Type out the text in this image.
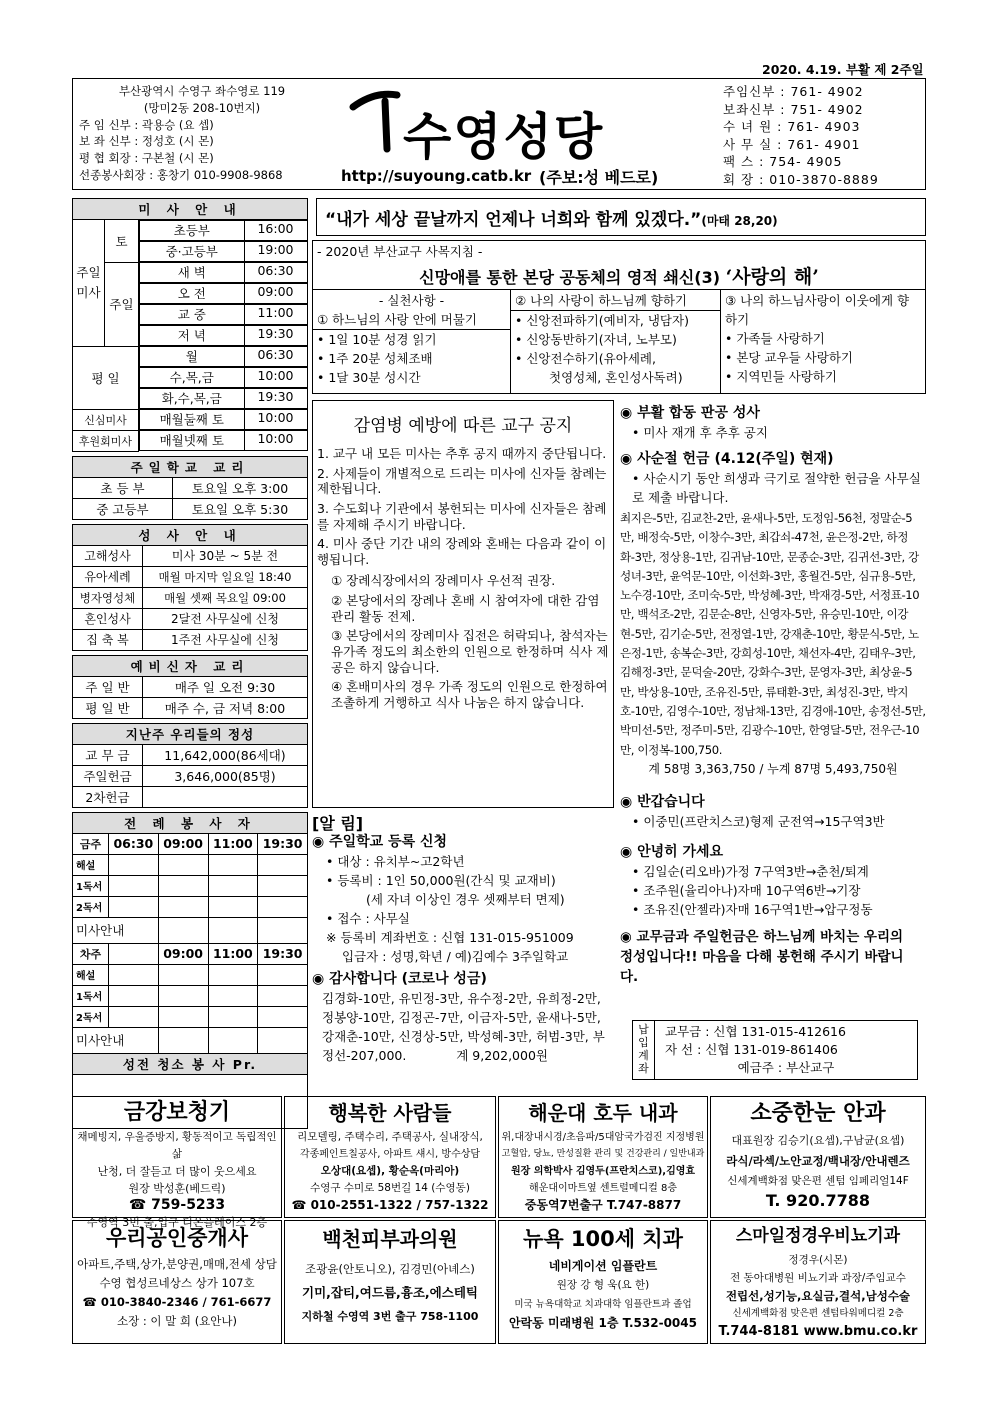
2020. 4.19. 부활 제 2주일
부산광역시 수영구 좌수영로 119
(망미2동 208-10번지)
주 임 신부 : 곽용승 (요 셉)
보 좌 신부 : 정성호 (시 몬)
평 협 회장 : 구본철 (시 몬)
선종봉사회장 : 홍창기 010-9908-9868
수영성당
http://suyoung.catb.kr (주보:성 베드로)
주임신부 : 761- 4902
보좌신부 : 751- 4902
수 녀 원 : 761- 4903
사 무 실 : 761- 4901
팩 스 : 754- 4905
회 장 : 010-3870-8889
미 사 안 내	
주일미사	토	
초등부	16:00

중·고등부	19:00

	주일	
새 벽	06:30

오 전	09:00

교 중	11:00

저 녁	19:30

평 일	
월	06:30

수,목,금	10:00

화,수,목,금	19:30

신심미사		매월둘째 토	10:00

후원회미사		매월넷째 토	10:00
주일학교 교리	
초 등 부	토요일 오후 3:00
중 고등부	토요일 오후 5:30
성 사 안 내	
고해성사	미사 30분 ~ 5분 전
유아세례	매월 마지막 일요일 18:40
병자영성체	매월 셋째 목요일 09:00
혼인성사	2달전 사무실에 신청
집 축 복	1주전 사무실에 신청
예비신자 교리	
주 일 반	매주 일 오전 9:30
평 일 반	매주 수, 금 저녁 8:00
지난주 우리들의 정성	
교 무 금	11,642,000(86세대)
주일헌금	3,646,000(85명)
2차헌금	
전 례 봉 사 자				
금주	06:30	09:00	11:00	19:30
해설				
1독서				
2독서				
미사안내				
차주		09:00	11:00	19:30
해설				
1독서				
2독서				
미사안내				
성전 청소 봉 사 Pr.				

“내가 세상 끝날까지 언제나 너희와 함께 있겠다.”(마태 28,20)
- 2020년 부산교구 사목지침 -
신망애를 통한 본당 공동체의 영적 쇄신(3) ‘사랑의 해’
- 실천사항 -
① 하느님의 사랑 안에 머물기
• 1일 10분 성경 읽기
• 1주 20분 성체조배
• 1달 30분 성시간
② 나의 사랑이 하느님께 향하기
• 신앙전파하기(예비자, 냉담자)
• 신앙동반하기(자녀, 노부모)
• 신앙전수하기(유아세례,
첫영성체, 혼인성사독려)
③ 나의 하느님사랑이 이웃에게 향하기
• 가족들 사랑하기
• 본당 교우들 사랑하기
• 지역민들 사랑하기
감염병 예방에 따른 교구 공지

1. 교구 내 모든 미사는 추후 공지 때까지 중단됩니다.

2. 사제들이 개별적으로 드리는 미사에 신자들 참례는 제한됩니다.

3. 수도회나 기관에서 봉헌되는 미사에 신자들은 참례를 자제해 주시기 바랍니다.

4. 미사 중단 기간 내의 장례와 혼배는 다음과 같이 이행됩니다.

① 장례식장에서의 장례미사 우선적 권장.

② 본당에서의 장례나 혼배 시 참여자에 대한 감염관리 활동 전제.

③ 본당에서의 장례미사 집전은 허락되나, 참석자는 유가족 정도의 최소한의 인원으로 한정하며 식사 제공은 하지 않습니다.

④ 혼배미사의 경우 가족 정도의 인원으로 한정하여 조촐하게 거행하고 식사 나눔은 하지 않습니다.

[알 림]
◉ 주일학교 등록 신청
• 대상 : 유치부~고2학년
• 등록비 : 1인 50,000원(간식 및 교재비)
(세 자녀 이상인 경우 셋째부터 면제)
• 접수 : 사무실
※ 등록비 계좌번호 : 신협 131-015-951009
입금자 : 성명,학년 / 예)김예수 3주일학교
◉ 감사합니다 (코로나 성금)
김경화-10만, 유민정-3만, 유수정-2만, 유희정-2만, 정봉양-10만, 김정곤-7만, 이금자-5만, 윤새나-5만, 강재춘-10만, 신경상-5만, 박성혜-3만, 허범-3만, 부정선-207,000.	계 9,202,000원
◉ 부활 합동 판공 성사
• 미사 재개 후 추후 공지
◉ 사순절 헌금 (4.12(주일) 현재)
• 사순시기 동안 희생과 극기로 절약한 헌금을 사무실로 제출 바랍니다.
최지은-5만, 김교찬-2만, 윤새나-5만, 도정임-56천, 정말순-5만, 배정숙-5만, 이창수-3만, 최갑쇠-47천, 윤은정-2만, 하정화-3만, 정상용-1만, 김귀남-10만, 문종순-3만, 김귀선-3만, 강성녀-3만, 윤억문-10만, 이선화-3만, 홍월건-5만, 심규용-5만, 노수경-10만, 조미숙-5만, 박성혜-3만, 박재경-5만, 서정표-10만, 백석조-2만, 김문순-8만, 신영자-5만, 유승민-10만, 이강현-5만, 김기순-5만, 전정열-1만, 강재춘-10만, 황문식-5만, 노은정-1만, 송복순-3만, 강희성-10만, 채선자-4만, 김태우-3만, 김해정-3만, 문덕술-20만, 강화수-3만, 문영자-3만, 최상윤-5만, 박상용-10만, 조유진-5만, 류태환-3만, 최성진-3만, 박지호-10만, 김영수-10만, 정남채-13만, 김경애-10만, 송정선-5만, 박미선-5만, 정주미-5만, 김광수-10만, 한영달-5만, 전우근-10만, 이정복-100,750.
계 58명 3,363,750 / 누계 87명 5,493,750원
◉ 반갑습니다
• 이중민(프란치스코)형제 군전역→15구역3반
◉ 안녕히 가세요
• 김일순(리오바)가정 7구역3반→춘천/퇴계
• 조주원(율리아나)자매 10구역6반→기장
• 조유진(안젤라)자매 16구역1반→압구정동
◉ 교무금과 주일헌금은 하느님께 바치는 우리의 정성입니다!! 마음을 다해 봉헌해 주시기 바랍니다.
납입계좌
교무금 : 신협 131-015-412616
자 선 : 신협 131-019-861406
예금주 : 부산교구
금강보청기
채메빙지, 우울증방지, 황동적이고 독립적인 삶
난청, 더 잘듣고 더 많이 웃으세요
원장 박성훈(베드릭)
☎ 759-5233
수영역 3번 출,입구 디온플레이스 2층
행복한 사람들
리모델링, 주택수리, 주택공사, 실내장식,
각종페인트칠공사, 아파트 섀시, 방수상담
오상대(요셉), 황순옥(마리아)
수영구 수미로 58번길 14 (수영동)
☎ 010-2551-1322 / 757-1322
해운대 호두 내과
위,대장내시경/초음파/5대암국가검진 지정병원
고혈압, 당뇨, 만성질환 관리 및 건강관리 / 일반내과
원장 의학박사 김영두(프란치스코),김영효
해운대이마트옆 센트럴메디컬 8층
중동역7번출구 T.747-8877
소중한눈 안과
대표원장 김승기(요셉),구남균(요셉)
라식/라섹/노안교정/백내장/안내렌즈
신세계백화점 맞은편 센텀 임페리얼14F
T. 920.7788
우리공인중개사
아파트,주택,상가,분양권,매매,전세 상담
수영 협성르네상스 상가 107호
☎ 010-3840-2346 / 761-6677
소장 : 이 말 희 (요안나)
백천피부과의원
조광윤(안토니오), 김경민(아녜스)
기미,잡티,여드름,흉조,에스테틱
지하철 수영역 3번 출구 758-1100
뉴욕 100세 치과
네비게이션 임플란트
원장 강 형 욱(요 한)
미국 뉴욕대학교 치과대학 임플란트과 졸업
안락동 미래병원 1층 T.532-0045
스마일정경우비뇨기과
정경우(시몬)
전 동아대병원 비뇨기과 과장/주임교수
전립선,성기능,요실금,결석,남성수술
신세계백화점 맞은편 센텀타워메디컬 2층
T.744-8181 www.bmu.co.kr
